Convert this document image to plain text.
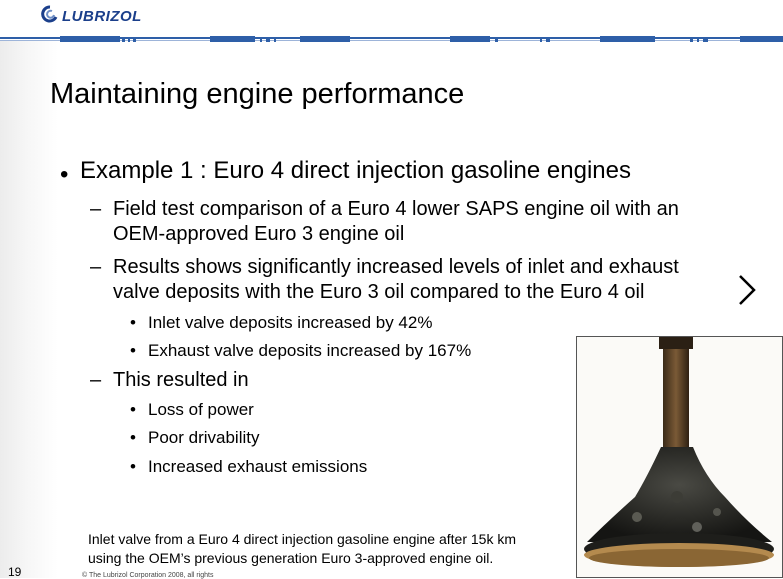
LUBRIZOL
Maintaining engine performance
• Example 1 : Euro 4 direct injection gasoline engines
– Field test comparison of a Euro 4 lower SAPS engine oil with an
OEM-approved Euro 3 engine oil
– Results shows significantly increased levels of inlet and exhaust
valve deposits with the Euro 3 oil compared to the Euro 4 oil
• Inlet valve deposits increased by 42%
• Exhaust valve deposits increased by 167%
– This resulted in
• Loss of power
• Poor drivability
• Increased exhaust emissions
Inlet valve from a Euro 4 direct injection gasoline engine after 15k km
using the OEM’s previous generation Euro 3-approved engine oil.
19	© The Lubrizol Corporation 2008, all rights
